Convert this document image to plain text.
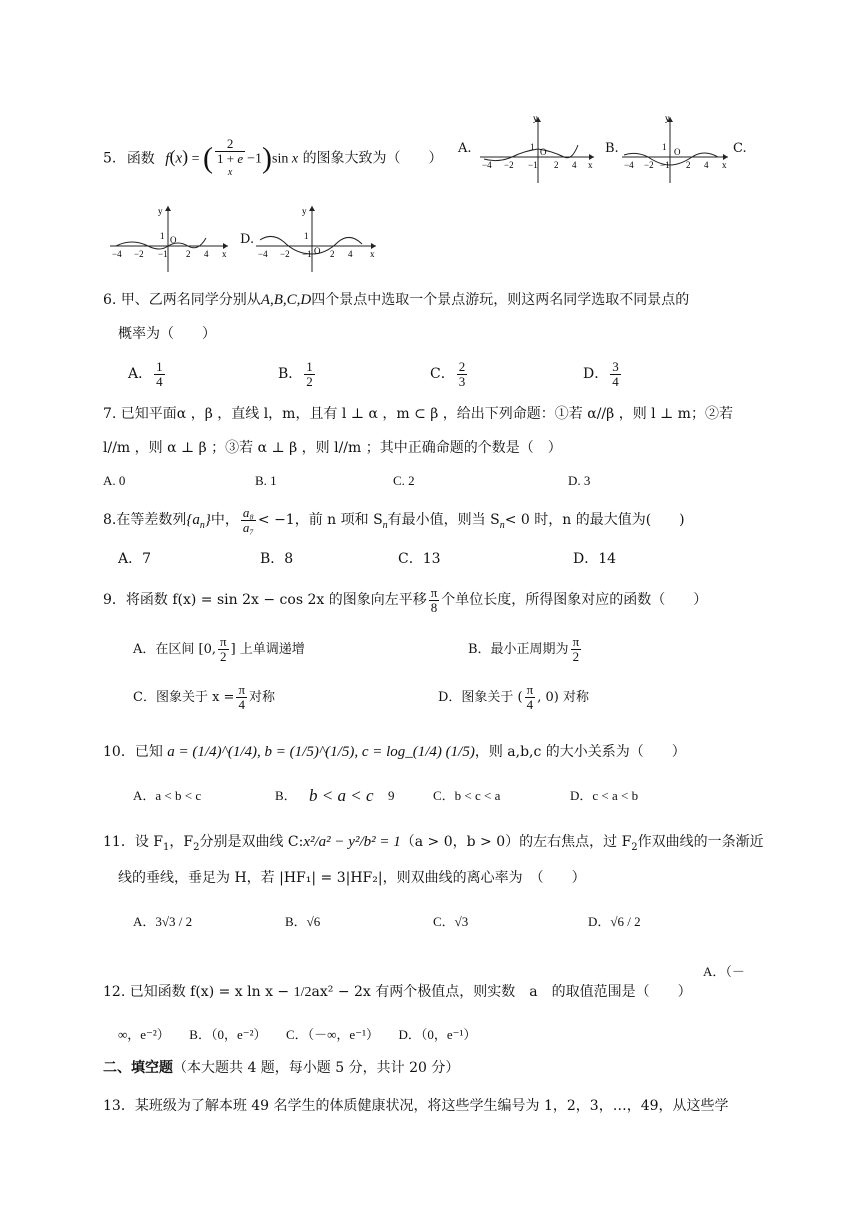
5. 函数 f(x) = ( 2
1 + e
x −1)sin x 的图象大致为（　　）
A.	B.	C.
D.
y
x
O
1
−1
−4 −2	2 4
y
x
O
1
−1
−4 −2	2 4
y
x
O
1
−1
−4 −2	2 4
y
x
O
1
−1
−4 −2	2 4
6. 甲、乙两名同学分别从A,B,C,D四个景点中选取一个景点游玩，则这两名同学选取不同景点的
概率为（　　）
A． $\frac{1}{4}$	B． $\frac{1}{2}$	C． $\frac{2}{3}$	D． $\frac{3}{4}$
7. 已知平面α ，β ，直线 l，m，且有 l ⊥ α ，m ⊂ β ，给出下列命题：①若 α//β ，则 l ⊥ m；②若
l//m ，则 α ⊥ β ；③若 α ⊥ β ，则 l//m ；其中正确命题的个数是（　）
A. 0	B. 1	C. 2	D. 3
8.在等差数列$\{a_n\}$中， $\frac{\text{a₈}}{\text{a₇}} < -1$，前 n 项和 $S_n$有最小值，则当 $S_n< 0$ 时，n 的最大值为(　　)
A．7	B．8	C．13	D．14
9．将函数 f(x) = sin 2x − cos 2x 的图象向左平移 $\frac{\pi}{8}$ 个单位长度，所得图象对应的函数（　　）
A．在区间 [0, $\frac{\pi}{2}$ ] 上单调递增	B．最小正周期为 $\frac{\pi}{2}$
C．图象关于 $x = \frac{\pi}{4}$ 对称	D．图象关于 ( $\frac{\pi}{4}$ , 0) 对称
10．已知 a = (1/4)^(1/4), b = (1/5)^(1/5), c = log_(1/4) (1/5)，则 a,b,c 的大小关系为（　　）
A．a < b < c	B． b < a < c 9	C．b < c < a	D．c < a < b
11．设 $F_1$，$F_2$分别是双曲线 C:x²/a² − y²/b² = 1（a > 0，b > 0）的左右焦点，过 $F_2$作双曲线的一条渐近
线的垂线，垂足为 H，若 |HF₁| = 3|HF₂|，则双曲线的离心率为　（　　）
A．3√3 / 2	B．√6	C．√3	D．√6 / 2
12. 已知函数 f(x) = x ln x − 1/2ax² − 2x 有两个极值点，则实数　a　的取值范围是（　　）
A．（－
∞，e⁻²）　　B．（0，e⁻²）　　C．（－∞，e⁻¹）　　D．（0，e⁻¹）
二、填空题（本大题共 4 题，每小题 5 分，共计 20 分）
13．某班级为了解本班 49 名学生的体质健康状况，将这些学生编号为 1，2，3，…，49，从这些学
